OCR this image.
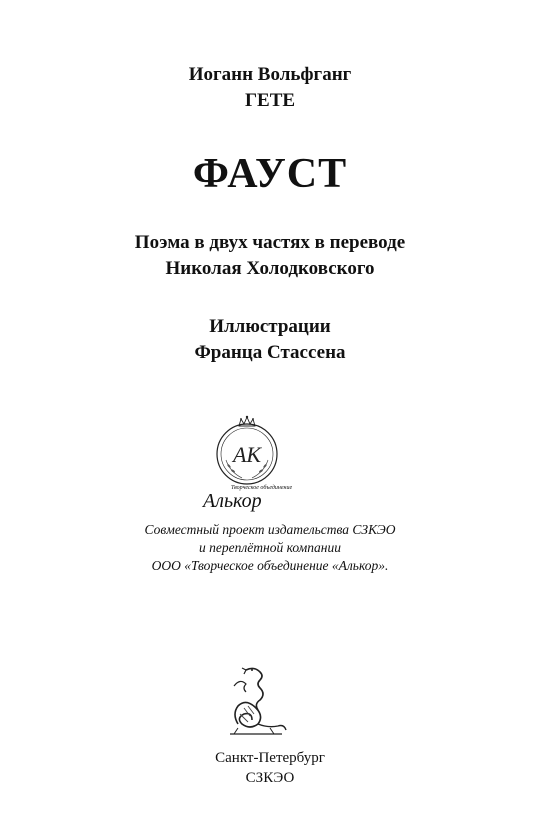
Иоганн Вольфганг
ГЕТЕ
ФАУСТ
Поэма в двух частях в переводе
Николая Холодковского
Иллюстрации
Франца Стассена
АК
Творческое объединение
Алькор
Совместный проект издательства СЗКЭО
и переплётной компании
ООО «Творческое объединение «Алькор».
Санкт-Петербург
СЗКЭО
